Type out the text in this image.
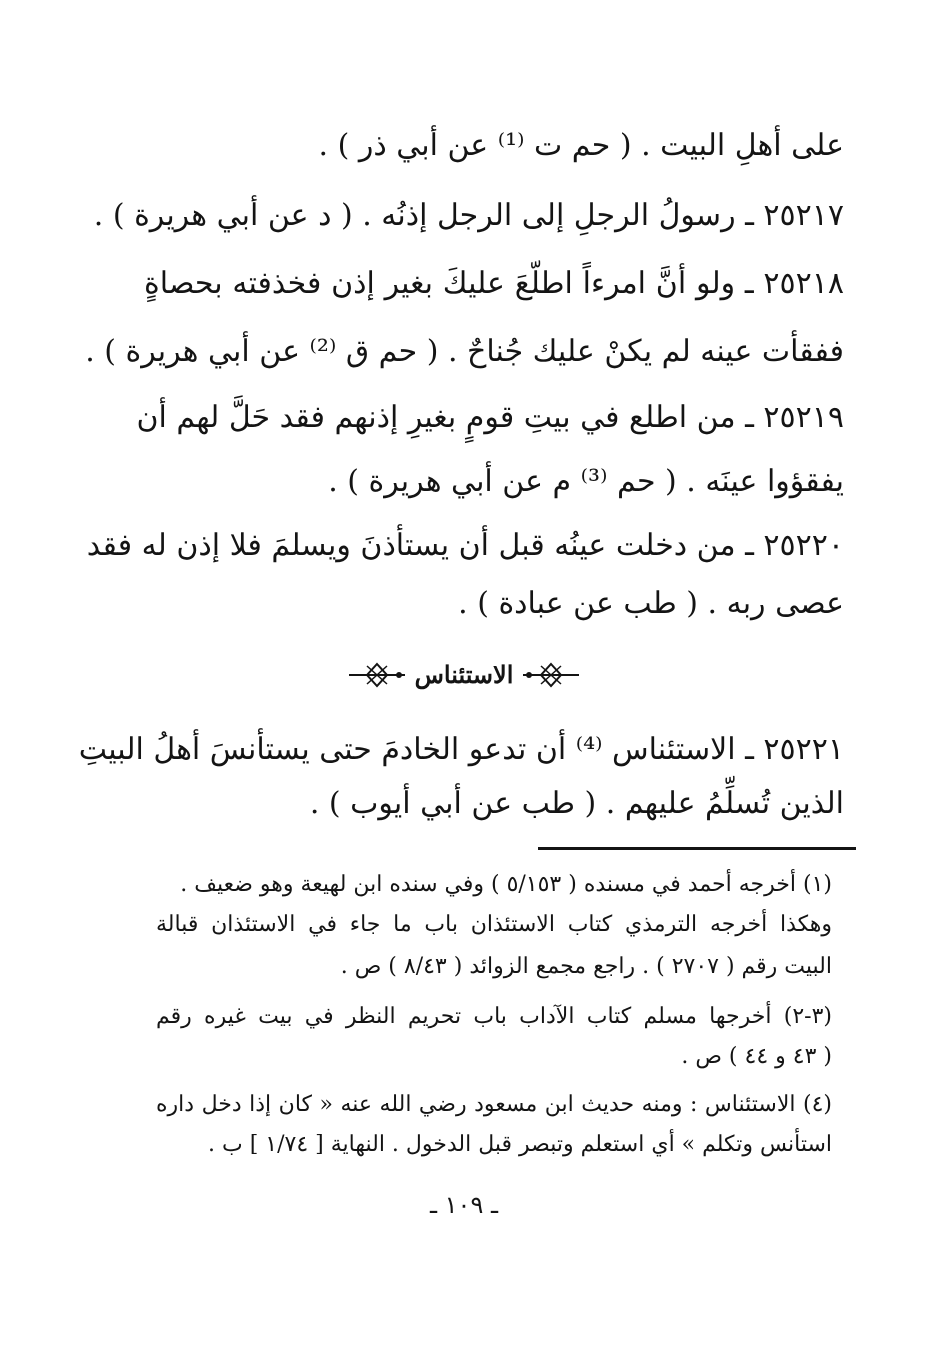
على أهلِ البيت . ( حم ت ⁽¹⁾ عن أبي ذر ) .
٢٥٢١٧ ـ رسولُ الرجلِ إلى الرجل إذنُه . ( د عن أبي هريرة ) .
٢٥٢١٨ ـ ولو أنَّ امرءاً اطلّعَ عليكَ بغير إذن فخذفته بحصاةٍ
ففقأت عينه لم يكنْ عليك جُناحٌ . ( حم ق ⁽²⁾ عن أبي هريرة ) .
٢٥٢١٩ ـ من اطلع في بيتِ قومٍ بغيرِ إذنهم فقد حَلَّ لهم أن
يفقؤوا عينَه . ( حم ⁽³⁾ م عن أبي هريرة ) .
٢٥٢٢٠ ـ من دخلت عينُه قبل أن يستأذنَ ويسلمَ فلا إذن له فقد
عصى ربه . ( طب عن عبادة ) .
الاستئناس
٢٥٢٢١ ـ الاستئناس ⁽⁴⁾ أن تدعو الخادمَ حتى يستأنسَ أهلُ البيتِ
الذين تُسلِّمُ عليهم . ( طب عن أبي أيوب ) .
(١) أخرجه أحمد في مسنده ( ٥/١٥٣ ) وفي سنده ابن لهيعة وهو ضعيف .
وهكذا أخرجه الترمذي كتاب الاستئذان باب ما جاء في الاستئذان قبالة
البيت رقم ( ٢٧٠٧ ) . راجع مجمع الزوائد ( ٨/٤٣ ) ص .
(٣-٢) أخرجها مسلم كتاب الآداب باب تحريم النظر في بيت غيره رقم
( ٤٣ و ٤٤ ) ص .
(٤) الاستئناس : ومنه حديث ابن مسعود رضي الله عنه « كان إذا دخل داره
استأنس وتكلم » أي استعلم وتبصر قبل الدخول . النهاية [ ١/٧٤ ] ب .
ـ ١٠٩ ـ
